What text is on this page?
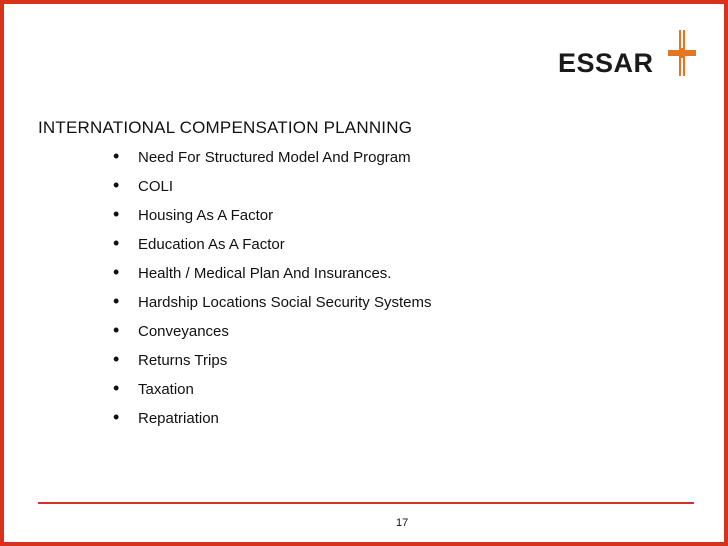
ESSAR
INTERNATIONAL COMPENSATION PLANNING
• Need For Structured Model And Program
• COLI
• Housing As A Factor
• Education As A Factor
• Health / Medical Plan And Insurances.
• Hardship Locations Social Security Systems
• Conveyances
• Returns Trips
• Taxation
• Repatriation
17
